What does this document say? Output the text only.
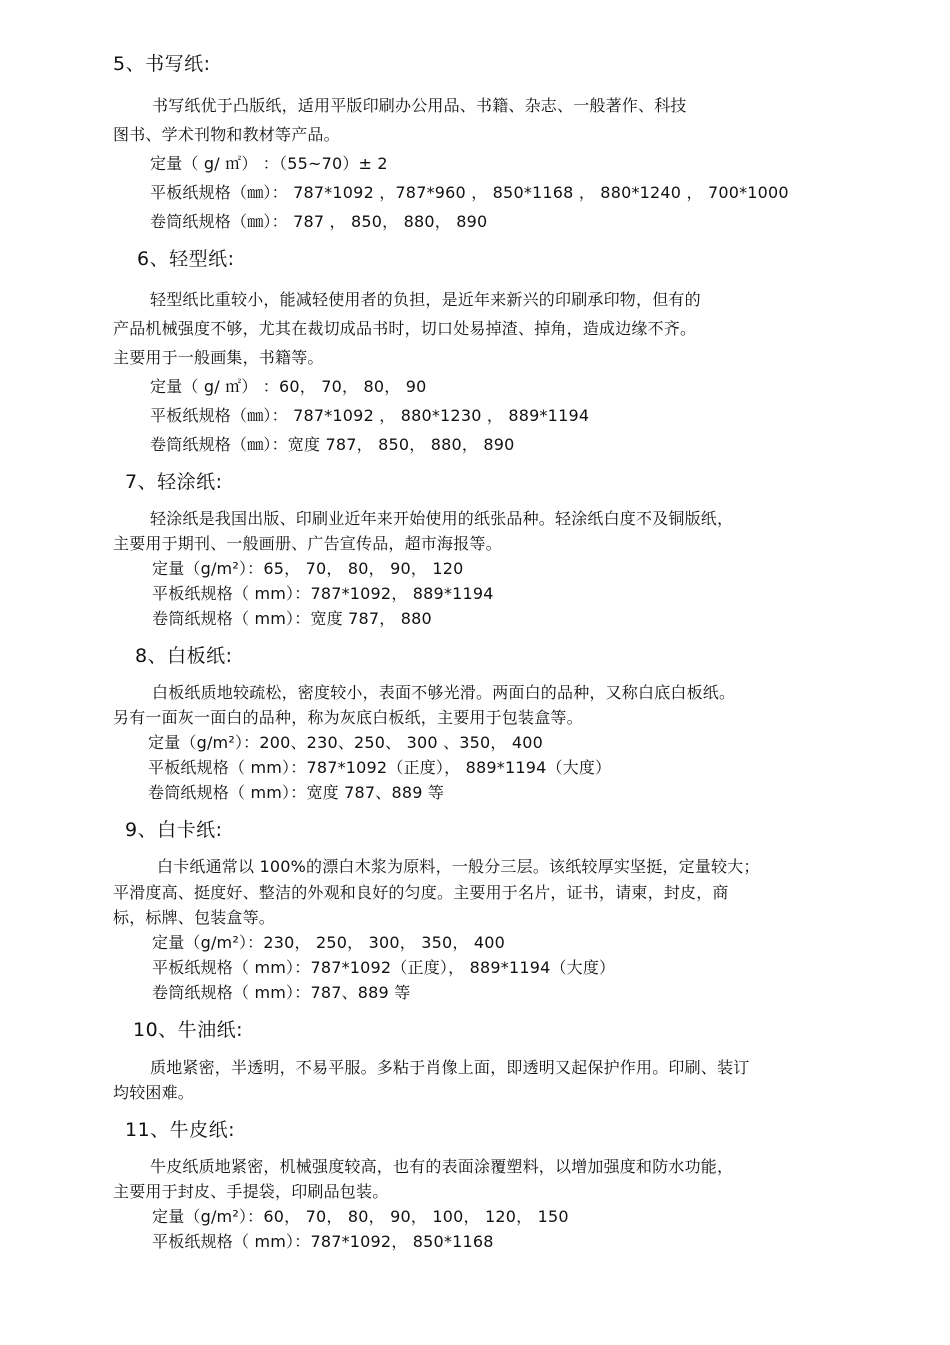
5、书写纸:
书写纸优于凸版纸，适用平版印刷办公用品、书籍、杂志、一般著作、科技
图书、学术刊物和教材等产品。
定量（ g/ ㎡） ：（55~70）± 2
平板纸规格（㎜）： 787*1092 ，787*960 ， 850*1168 ， 880*1240 ， 700*1000
卷筒纸规格（㎜）： 787 ， 850， 880， 890
6、轻型纸:
轻型纸比重较小，能减轻使用者的负担，是近年来新兴的印刷承印物，但有的
产品机械强度不够，尤其在裁切成品书时，切口处易掉渣、掉角，造成边缘不齐。
主要用于一般画集，书籍等。
定量（ g/ ㎡） ：60， 70， 80， 90
平板纸规格（㎜）： 787*1092 ， 880*1230 ， 889*1194
卷筒纸规格（㎜）：宽度 787， 850， 880， 890
7、轻涂纸:
轻涂纸是我国出版、印刷业近年来开始使用的纸张品种。轻涂纸白度不及铜版纸，
主要用于期刊、一般画册、广告宣传品，超市海报等。
定量（g/m²）：65， 70， 80， 90， 120
平板纸规格（ mm）：787*1092， 889*1194
卷筒纸规格（ mm）：宽度 787， 880
8、白板纸:
白板纸质地较疏松，密度较小，表面不够光滑。两面白的品种，又称白底白板纸。
另有一面灰一面白的品种，称为灰底白板纸，主要用于包装盒等。
定量（g/m²）：200、230、250、 300 、350， 400
平板纸规格（ mm）：787*1092（正度）， 889*1194（大度）
卷筒纸规格（ mm）：宽度 787、889 等
9、白卡纸:
白卡纸通常以 100%的漂白木浆为原料，一般分三层。该纸较厚实坚挺，定量较大；
平滑度高、挺度好、整洁的外观和良好的匀度。主要用于名片，证书，请柬，封皮，商
标，标牌、包装盒等。
定量（g/m²）：230， 250， 300， 350， 400
平板纸规格（ mm）：787*1092（正度）， 889*1194（大度）
卷筒纸规格（ mm）：787、889 等
10、牛油纸:
质地紧密，半透明，不易平服。多粘于肖像上面，即透明又起保护作用。印刷、装订
均较困难。
11、牛皮纸:
牛皮纸质地紧密，机械强度较高，也有的表面涂覆塑料，以增加强度和防水功能，
主要用于封皮、手提袋，印刷品包装。
定量（g/m²）：60， 70， 80， 90， 100， 120， 150
平板纸规格（ mm）：787*1092， 850*1168
